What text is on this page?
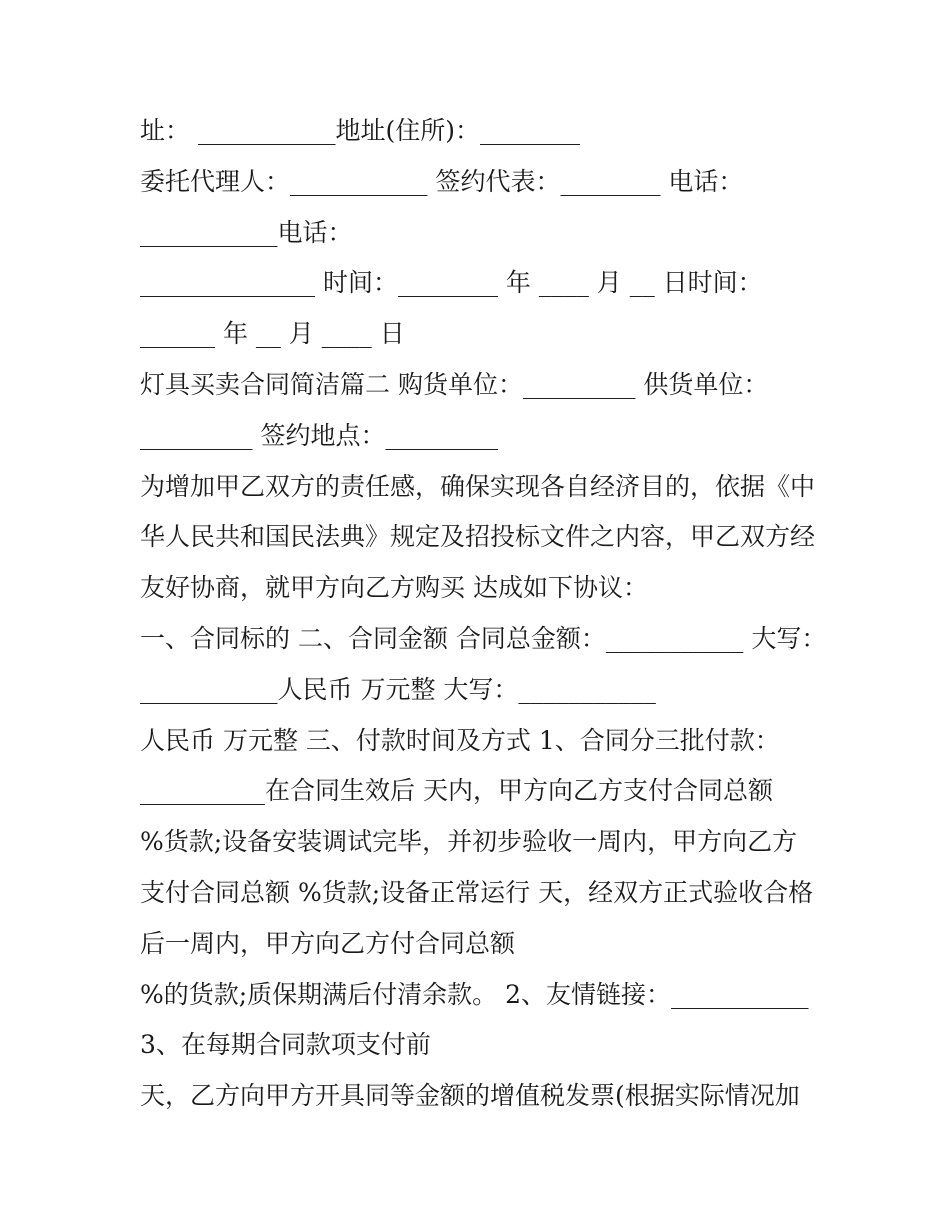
址： ___________地址(住所)：________
委托代理人：___________ 签约代表：________ 电话：
___________电话：
______________ 时间：________ 年 ____ 月 __ 日时间：
______ 年 __ 月 ____ 日
灯具买卖合同简洁篇二 购货单位：_________ 供货单位：
_________ 签约地点：_________
为增加甲乙双方的责任感，确保实现各自经济目的，依据《中
华人民共和国民法典》规定及招投标文件之内容，甲乙双方经
友好协商，就甲方向乙方购买 达成如下协议：
一、合同标的 二、合同金额 合同总金额：___________ 大写：
___________人民币 万元整 大写：___________
人民币 万元整 三、付款时间及方式 1、合同分三批付款：
__________在合同生效后 天内，甲方向乙方支付合同总额
%货款;设备安装调试完毕，并初步验收一周内，甲方向乙方
支付合同总额 %货款;设备正常运行 天，经双方正式验收合格
后一周内，甲方向乙方付合同总额
%的货款;质保期满后付清余款。 2、友情链接：___________
3、在每期合同款项支付前
天，乙方向甲方开具同等金额的增值税发票(根据实际情况加
